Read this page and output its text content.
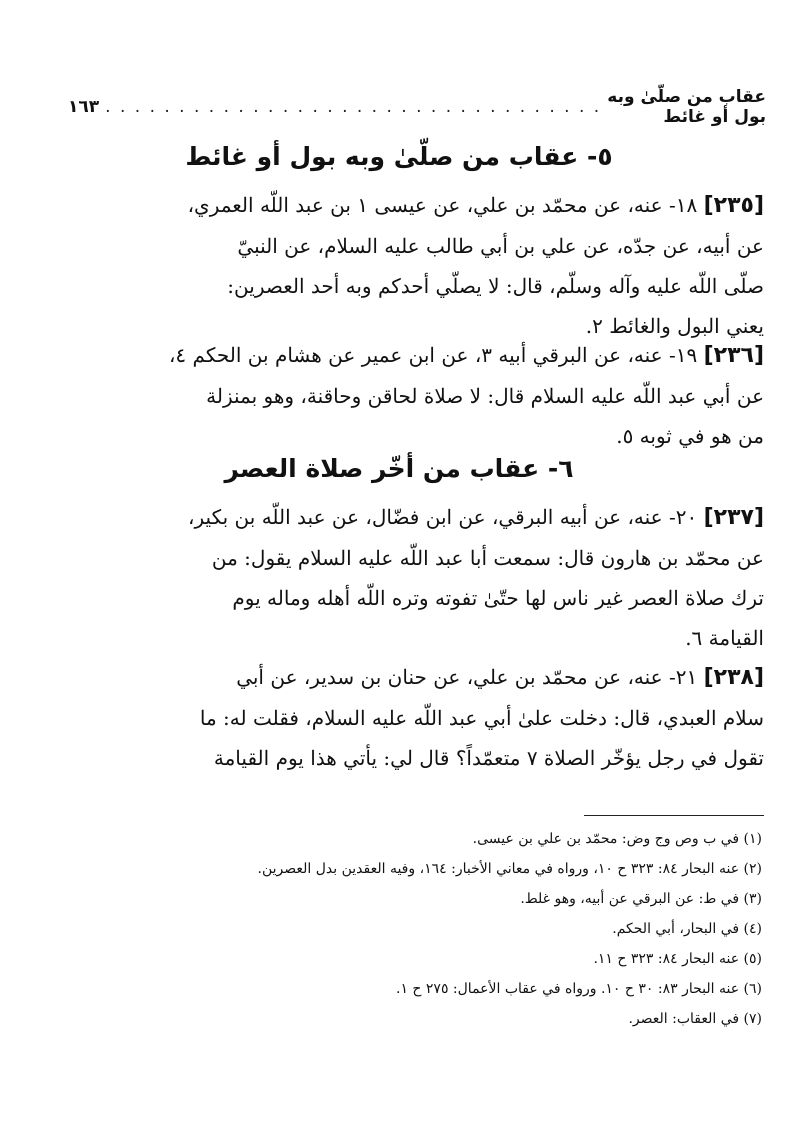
عقاب من صلّىٰ وبه بول أو غائط
. . . . . . . . . . . . . . . . . . . . . . . . . . . . . . . . . .
١٦٣
٥- عقاب من صلّىٰ وبه بول أو غائط
[٢٣٥] ١٨- عنه، عن محمّد بن علي، عن عيسى ١ بن عبد اللّه العمري،
عن أبيه، عن جدّه، عن علي بن أبي طالب عليه السلام، عن النبيّ
صلّى اللّه عليه وآله وسلّم، قال: لا يصلّي أحدكم وبه أحد العصرين:
يعني البول والغائط ٢.
[٢٣٦] ١٩- عنه، عن البرقي أبيه ٣، عن ابن عمير عن هشام بن الحكم ٤،
عن أبي عبد اللّه عليه السلام قال: لا صلاة لحاقن وحاقنة، وهو بمنزلة
من هو في ثوبه ٥.
٦- عقاب من أخّر صلاة العصر
[٢٣٧] ٢٠- عنه، عن أبيه البرقي، عن ابن فضّال، عن عبد اللّه بن بكير،
عن محمّد بن هارون قال: سمعت أبا عبد اللّه عليه السلام يقول: من
ترك صلاة العصر غير ناس لها حتّىٰ تفوته وتره اللّه أهله وماله يوم
القيامة ٦.
[٢٣٨] ٢١- عنه، عن محمّد بن علي، عن حنان بن سدير، عن أبي
سلام العبدي، قال: دخلت علىٰ أبي عبد اللّه عليه السلام، فقلت له: ما
تقول في رجل يؤخّر الصلاة ٧ متعمّداً؟ قال لي: يأتي هذا يوم القيامة
(١) في ب وص وج وض: محمّد بن علي بن عيسى.
(٢) عنه البحار ٨٤: ٣٢٣ ح ١٠، ورواه في معاني الأخبار: ١٦٤، وفيه العقدين بدل العصرين.
(٣) في ط: عن البرقي عن أبيه، وهو غلط.
(٤) في البحار، أبي الحكم.
(٥) عنه البحار ٨٤: ٣٢٣ ح ١١.
(٦) عنه البحار ٨٣: ٣٠ ح ١٠. ورواه في عقاب الأعمال: ٢٧٥ ح ١.
(٧) في العقاب: العصر.
